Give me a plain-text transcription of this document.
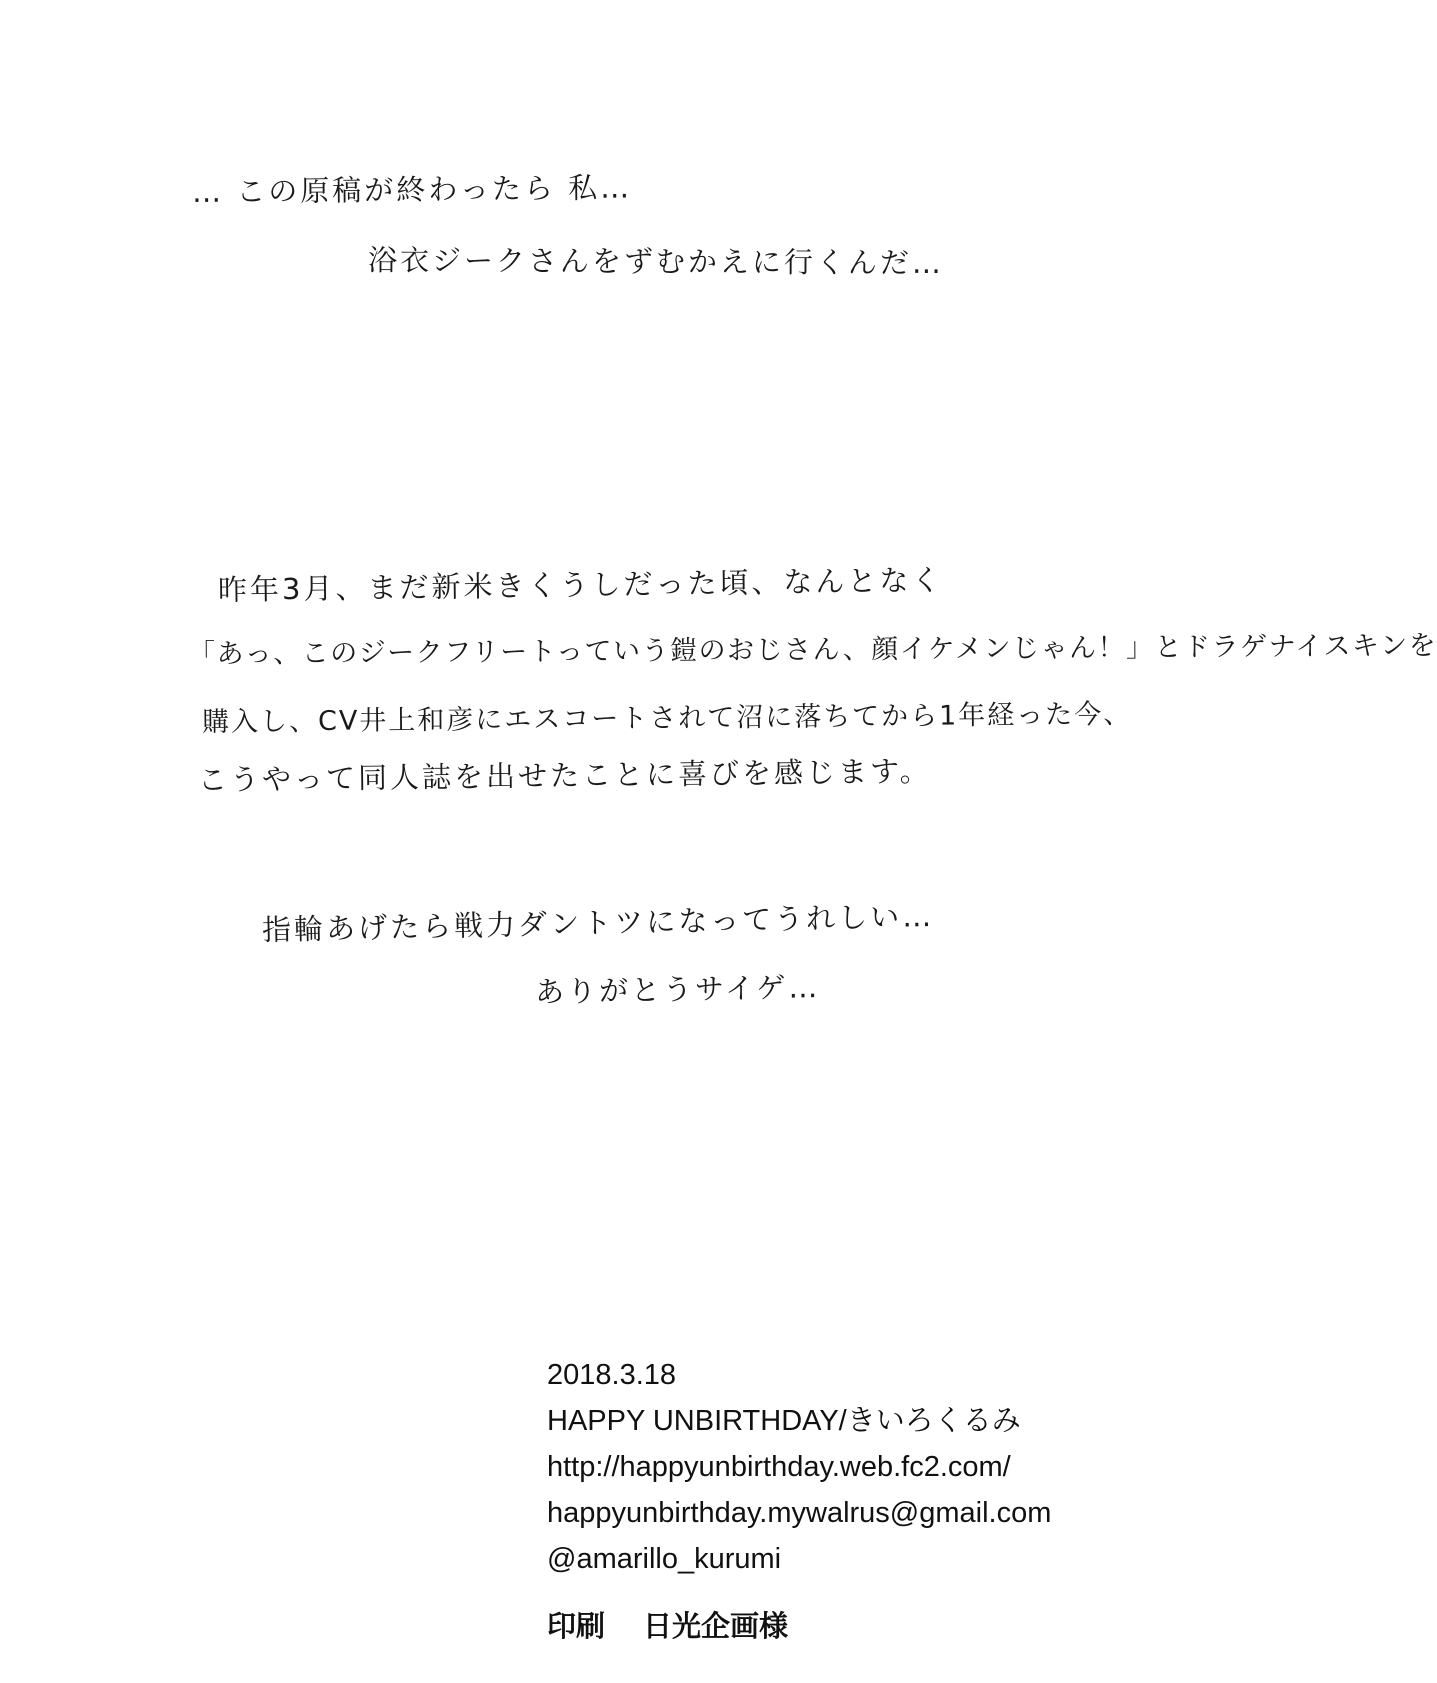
… この原稿が終わったら 私…
浴衣ジークさんをずむかえに行くんだ…
昨年3月、まだ新米きくうしだった頃、なんとなく
「あっ、このジークフリートっていう鎧のおじさん、顔イケメンじゃん！」とドラゲナイスキンを
購入し、CV井上和彦にエスコートされて沼に落ちてから1年経った今、
こうやって同人誌を出せたことに喜びを感じます。
指輪あげたら戦力ダントツになってうれしい…
ありがとうサイゲ…
2018.3.18
HAPPY UNBIRTHDAY/きいろくるみ
http://happyunbirthday.web.fc2.com/
happyunbirthday.mywalrus@gmail.com
@amarillo_kurumi
印刷 日光企画様
